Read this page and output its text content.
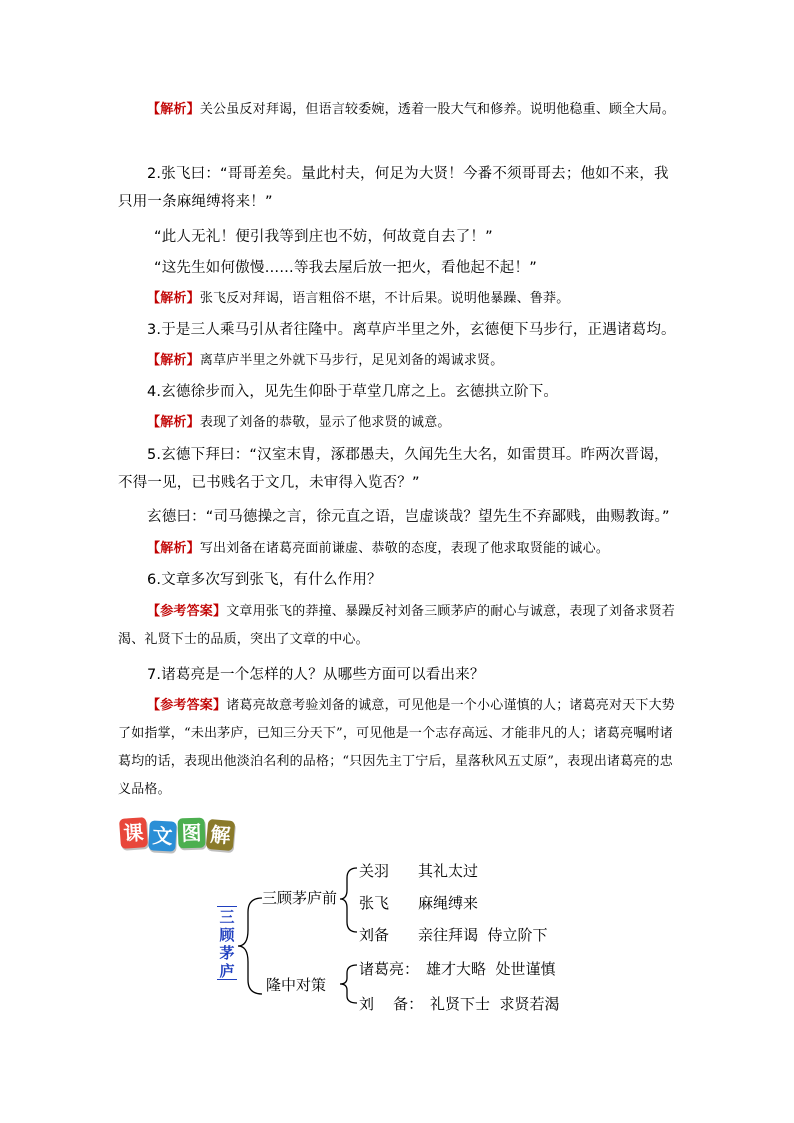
【解析】关公虽反对拜谒，但语言较委婉，透着一股大气和修养。说明他稳重、顾全大局。

2.张飞曰：“哥哥差矣。量此村夫，何足为大贤！今番不须哥哥去；他如不来，我只用一条麻绳缚将来！”

“此人无礼！便引我等到庄也不妨，何故竟自去了！”

“这先生如何傲慢……等我去屋后放一把火，看他起不起！”

【解析】张飞反对拜谒，语言粗俗不堪，不计后果。说明他暴躁、鲁莽。

3.于是三人乘马引从者往隆中。离草庐半里之外，玄德便下马步行，正遇诸葛均。

【解析】离草庐半里之外就下马步行，足见刘备的竭诚求贤。

4.玄德徐步而入，见先生仰卧于草堂几席之上。玄德拱立阶下。

【解析】表现了刘备的恭敬，显示了他求贤的诚意。

5.玄德下拜曰：“汉室末胄，涿郡愚夫，久闻先生大名，如雷贯耳。昨两次晋谒，不得一见，已书贱名于文几，未审得入览否？”

玄德曰：“司马德操之言，徐元直之语，岂虚谈哉？望先生不弃鄙贱，曲赐教诲。”

【解析】写出刘备在诸葛亮面前谦虚、恭敬的态度，表现了他求取贤能的诚心。

6.文章多次写到张飞，有什么作用？

【参考答案】文章用张飞的莽撞、暴躁反衬刘备三顾茅庐的耐心与诚意，表现了刘备求贤若渴、礼贤下士的品质，突出了文章的中心。

7.诸葛亮是一个怎样的人？从哪些方面可以看出来？

【参考答案】诸葛亮故意考验刘备的诚意，可见他是一个小心谨慎的人；诸葛亮对天下大势了如指掌，“未出茅庐，已知三分天下”，可见他是一个志存高远、才能非凡的人；诸葛亮嘱咐诸葛均的话，表现出他淡泊名利的品格；“只因先主丁宁后，星落秋风五丈原”，表现出诸葛亮的忠义品格。

课 文 图 解
三
顾
茅
庐
三顾茅庐前
隆中对策
关羽 其礼太过
张飞 麻绳缚来
刘备 亲往拜谒  侍立阶下
诸葛亮： 雄才大略  处世谨慎
刘    备： 礼贤下士  求贤若渴
